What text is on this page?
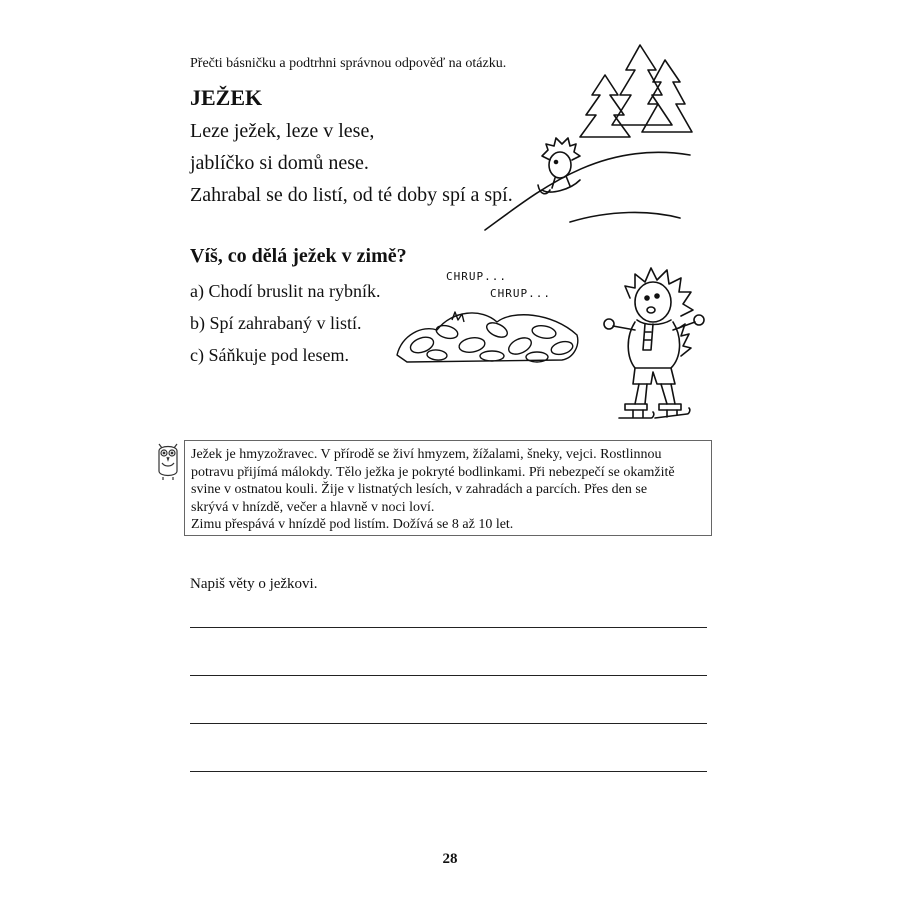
Přečti básničku a podtrhni správnou odpověď na otázku.
JEŽEK
Leze ježek, leze v lese,
jablíčko si domů nese.
Zahrabal se do listí, od té doby spí a spí.
Víš, co dělá ježek v zimě?
a) Chodí bruslit na rybník.
b) Spí zahrabaný v listí.
c) Sáňkuje pod lesem.
CHRUP...
CHRUP...
Ježek je hmyzožravec. V přírodě se živí hmyzem, žížalami, šneky, vejci. Rostlinnou
potravu přijímá málokdy. Tělo ježka je pokryté bodlinkami. Při nebezpečí se okamžitě
svine v ostnatou kouli. Žije v listnatých lesích, v zahradách a parcích. Přes den se
skrývá v hnízdě, večer a hlavně v noci loví.
Zimu přespává v hnízdě pod listím. Dožívá se 8 až 10 let.
Napiš věty o ježkovi.
28
